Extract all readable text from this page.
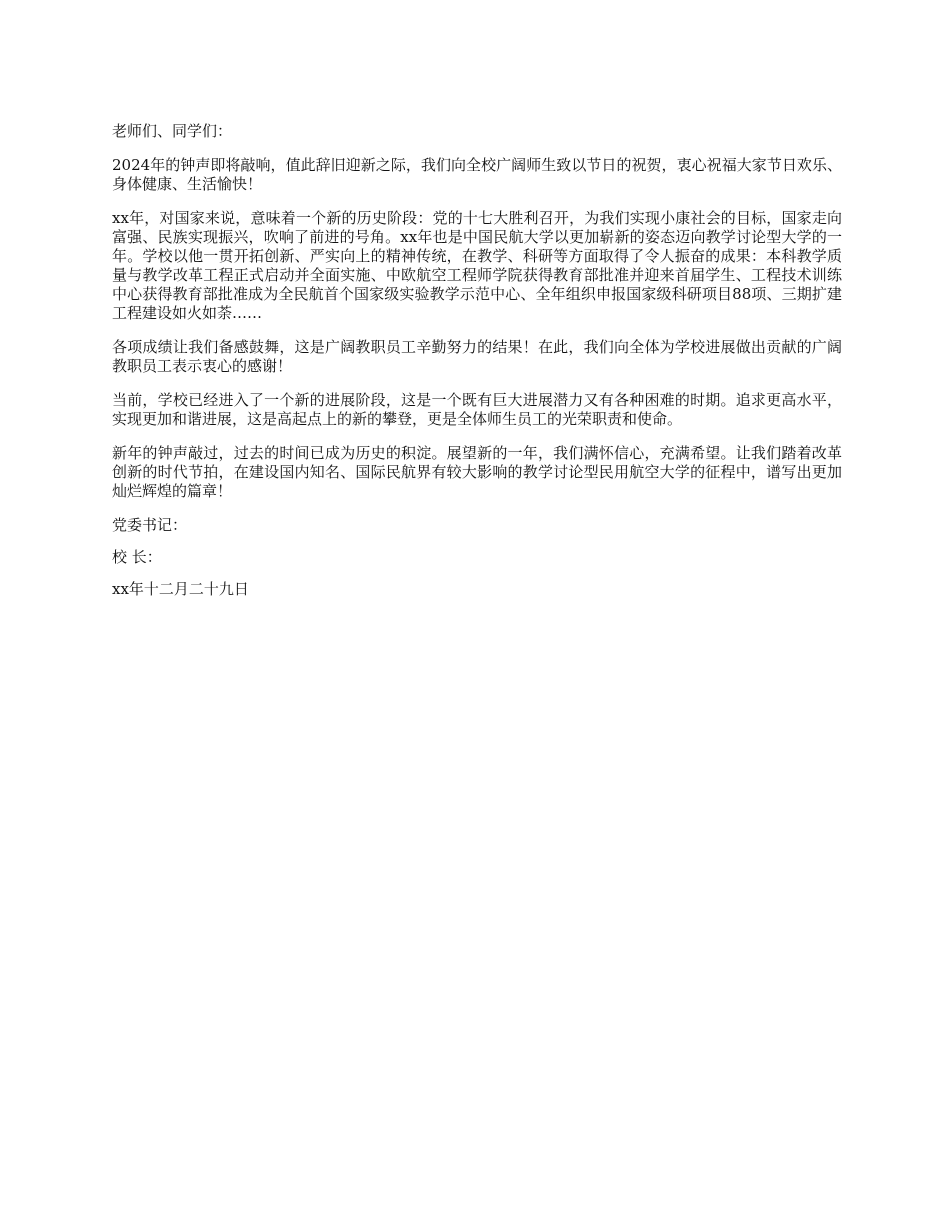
老师们、同学们：

2024年的钟声即将敲响，值此辞旧迎新之际，我们向全校广阔师生致以节日的祝贺，衷心祝福大家节日欢乐、身体健康、生活愉快！

xx年，对国家来说，意味着一个新的历史阶段：党的十七大胜利召开，为我们实现小康社会的目标，国家走向富强、民族实现振兴，吹响了前进的号角。xx年也是中国民航大学以更加崭新的姿态迈向教学讨论型大学的一年。学校以他一贯开拓创新、严实向上的精神传统，在教学、科研等方面取得了令人振奋的成果：本科教学质量与教学改革工程正式启动并全面实施、中欧航空工程师学院获得教育部批准并迎来首届学生、工程技术训练中心获得教育部批准成为全民航首个国家级实验教学示范中心、全年组织申报国家级科研项目88项、三期扩建工程建设如火如荼……

各项成绩让我们备感鼓舞，这是广阔教职员工辛勤努力的结果！在此，我们向全体为学校进展做出贡献的广阔教职员工表示衷心的感谢！

当前，学校已经进入了一个新的进展阶段，这是一个既有巨大进展潜力又有各种困难的时期。追求更高水平，实现更加和谐进展，这是高起点上的新的攀登，更是全体师生员工的光荣职责和使命。

新年的钟声敲过，过去的时间已成为历史的积淀。展望新的一年，我们满怀信心，充满希望。让我们踏着改革创新的时代节拍，在建设国内知名、国际民航界有较大影响的教学讨论型民用航空大学的征程中，谱写出更加灿烂辉煌的篇章！

党委书记：

校 长：

xx年十二月二十九日
